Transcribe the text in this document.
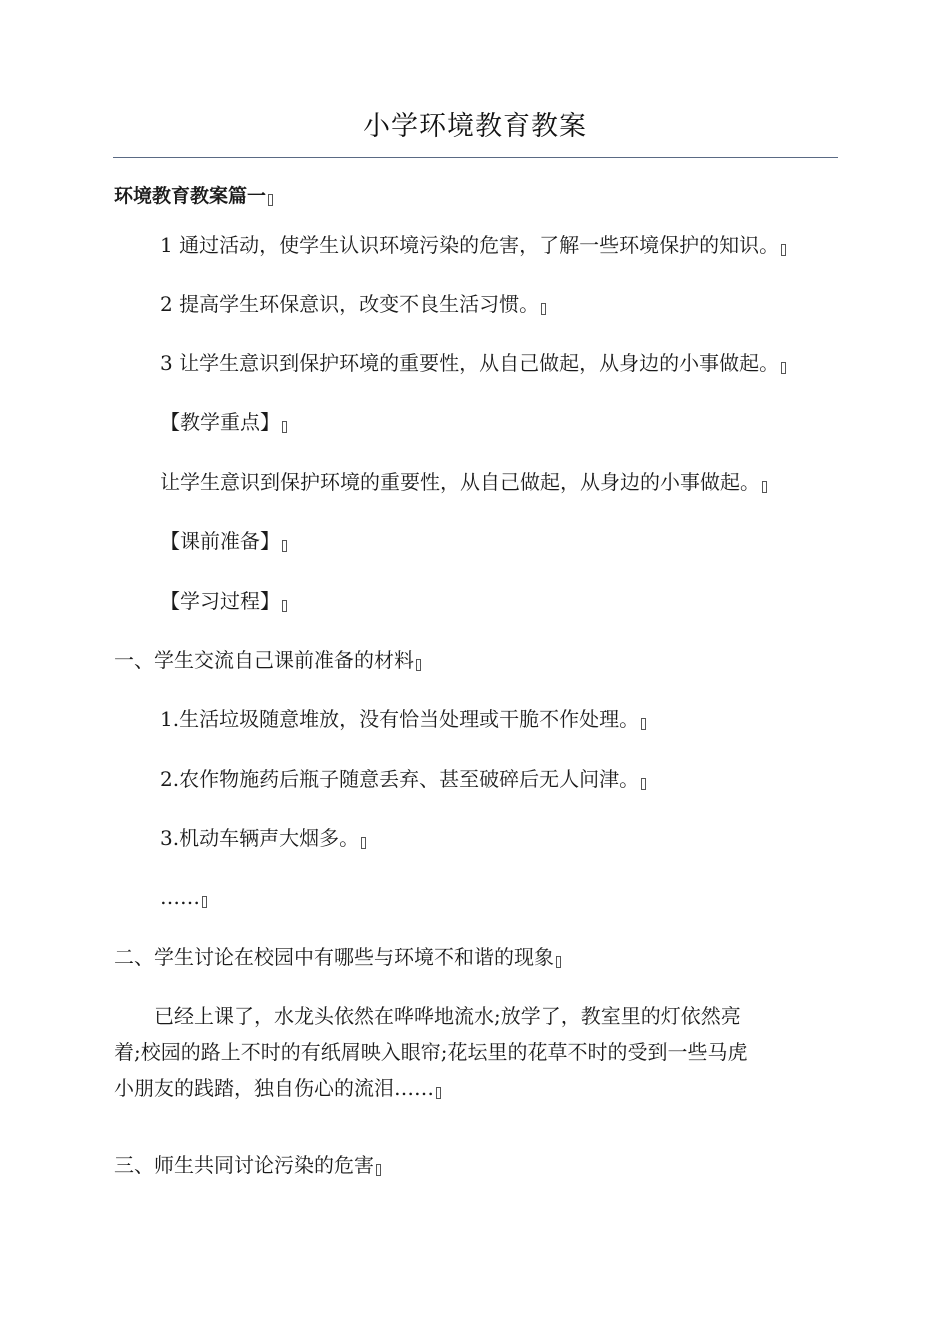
小学环境教育教案
环境教育教案篇一
1 通过活动，使学生认识环境污染的危害，了解一些环境保护的知识。
2 提高学生环保意识，改变不良生活习惯。
3 让学生意识到保护环境的重要性，从自己做起，从身边的小事做起。
【教学重点】
让学生意识到保护环境的重要性，从自己做起，从身边的小事做起。
【课前准备】
【学习过程】
一、学生交流自己课前准备的材料
1.生活垃圾随意堆放，没有恰当处理或干脆不作处理。
2.农作物施药后瓶子随意丢弃、甚至破碎后无人问津。
3.机动车辆声大烟多。
……
二、学生讨论在校园中有哪些与环境不和谐的现象
　　已经上课了，水龙头依然在哗哗地流水;放学了，教室里的灯依然亮
着;校园的路上不时的有纸屑映入眼帘;花坛里的花草不时的受到一些马虎
小朋友的践踏，独自伤心的流泪……
三、师生共同讨论污染的危害
